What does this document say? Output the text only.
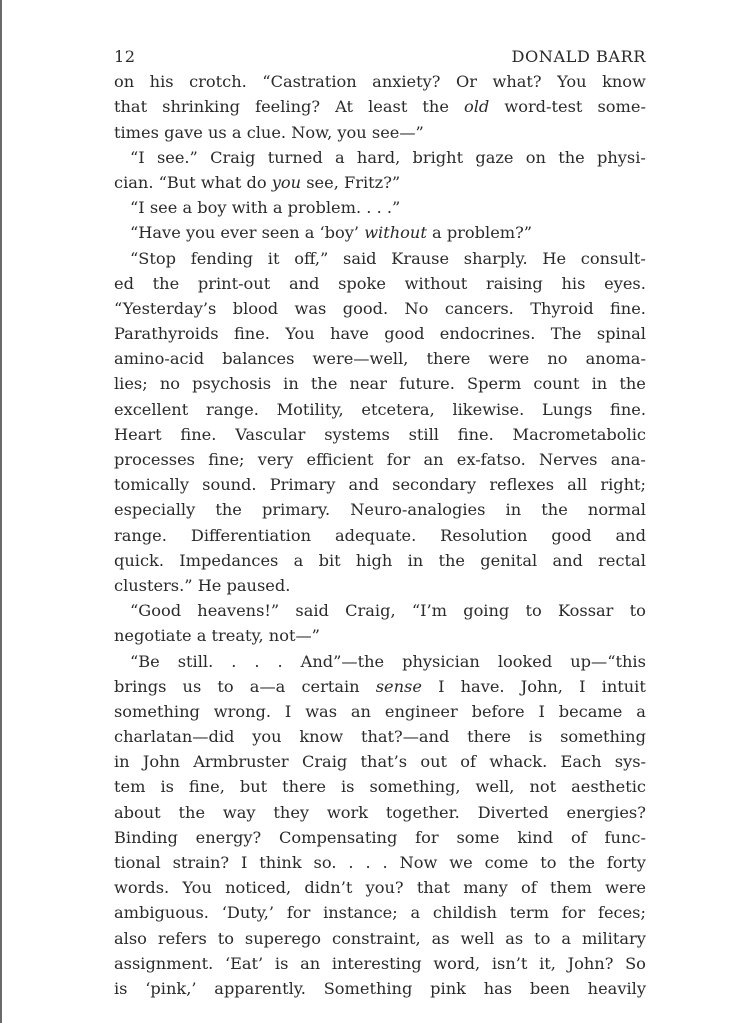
12	DONALD BARR
on his crotch. “Castration anxiety? Or what? You know
that shrinking feeling? At least the old word-test some-
times gave us a clue. Now, you see—”
“I see.” Craig turned a hard, bright gaze on the physi-
cian. “But what do you see, Fritz?”
“I see a boy with a problem. . . .”
“Have you ever seen a ‘boy’ without a problem?”
“Stop fending it off,” said Krause sharply. He consult-
ed the print-out and spoke without raising his eyes.
“Yesterday’s blood was good. No cancers. Thyroid fine.
Parathyroids fine. You have good endocrines. The spinal
amino-acid balances were—well, there were no anoma-
lies; no psychosis in the near future. Sperm count in the
excellent range. Motility, etcetera, likewise. Lungs fine.
Heart fine. Vascular systems still fine. Macrometabolic
processes fine; very efficient for an ex-fatso. Nerves ana-
tomically sound. Primary and secondary reflexes all right;
especially the primary. Neuro-analogies in the normal
range. Differentiation adequate. Resolution good and
quick. Impedances a bit high in the genital and rectal
clusters.” He paused.
“Good heavens!” said Craig, “I’m going to Kossar to
negotiate a treaty, not—”
“Be still. . . . And”—the physician looked up—“this
brings us to a—a certain sense I have. John, I intuit
something wrong. I was an engineer before I became a
charlatan—did you know that?—and there is something
in John Armbruster Craig that’s out of whack. Each sys-
tem is fine, but there is something, well, not aesthetic
about the way they work together. Diverted energies?
Binding energy? Compensating for some kind of func-
tional strain? I think so. . . . Now we come to the forty
words. You noticed, didn’t you? that many of them were
ambiguous. ‘Duty,’ for instance; a childish term for feces;
also refers to superego constraint, as well as to a military
assignment. ‘Eat’ is an interesting word, isn’t it, John? So
is ‘pink,’ apparently. Something pink has been heavily
